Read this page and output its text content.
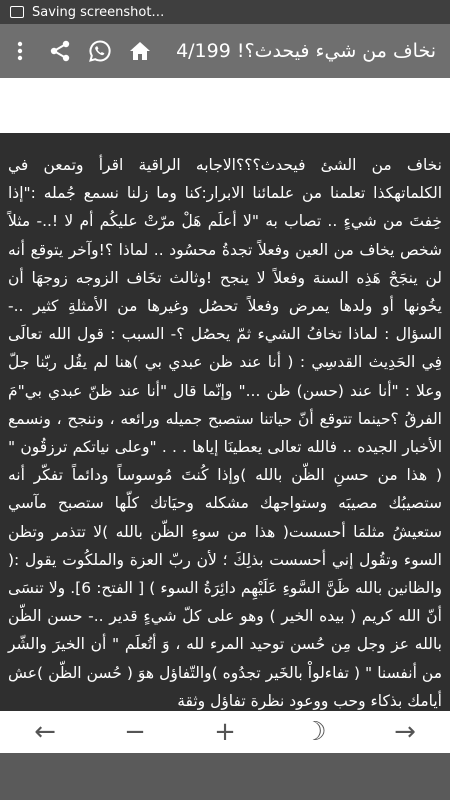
Saving screenshot…
نخاف من شيء فيحدث؟! 4/199

نخاف من الشئ فيحدث؟؟؟الاجابه الراقية اقرأ وتمعن في الكلماتهكذا تعلمنا من علمائنا الابرار:كنا وما زلنا نسمع جُمله :"إذا خِفتَ من شيءٍ .. تصاب به "لا أعلَم هَلْ مرّتْ عليكُم أم لا !..- مثلاً شخص يخاف من العين وفعلاً تجدةُ محسُود .. لماذا ؟!وآخر يتوقع أنه لن ينجَحْ هَذِه السنة وفعلاً لا ينجح !وثالث تخَاف الزوجه زوجهَا أن يخُونها أو ولدها يمرض وفعلاً تحصُل وغيرها من الأمثلةِ كثير ..- السؤال : لماذا تخافُ الشيء ثمّ يحصُل ؟- السبب : قول الله تعالَى فِي الحَدِيث القدسِي : ( أنا عند ظن عبدي بي )هنا لم يقُل ربّنا جلّ وعلا : "أنا عند (حسن) ظن ..." وإنّما قال "أنا عند ظنّ عبدي بي"مَ الفرقُ ؟حينما تتوقع أنّ حياتنا ستصبح جميله ورائعه ، وننجح ، ونسمع الأخبار الجيده .. فالله تعالى يعطينَا إياها . . . "وعلى نياتكم ترزقُون " ( هذا من حسنِ الظّن بالله )وإذا كُنتَ مُوسوساً ودائماً تفكّر أنه ستصيبُك مصيبَه وستواجهك مشكله وحيَاتك كلّها ستصبح مآسي ستعيشُ مثلمَا أحسست( هذا من سوءِ الظّن بالله )لا تتذمر وتظن السوء وتقُول إني أحسست بذلِكَ ؛ لأن ربّ العزة والملكُوت يقول :( والظانين بالله ظَنَّ السَّوءِ عَلَيْهِم دائِرَةُ السوء ) [ الفتح: 6]. ولا تنسَى أنّ الله كريم ( بيده الخير ) وهو على كلّ شيءٍ قدير ..- حسن الظّن بالله عز وجل مِن حُسن توحيد المرء لله ، وَ أتُعلَم " أن الخيرَ والشّر من أنفسنا " ( تفاءلواْ بالخَير تجدُوه )والتّفاؤل هوَ ( حُسن الظّن )عش أيامك بذكاء وحب ووعود نظرة تفاؤل وثقة

←	−	+	☽	→
